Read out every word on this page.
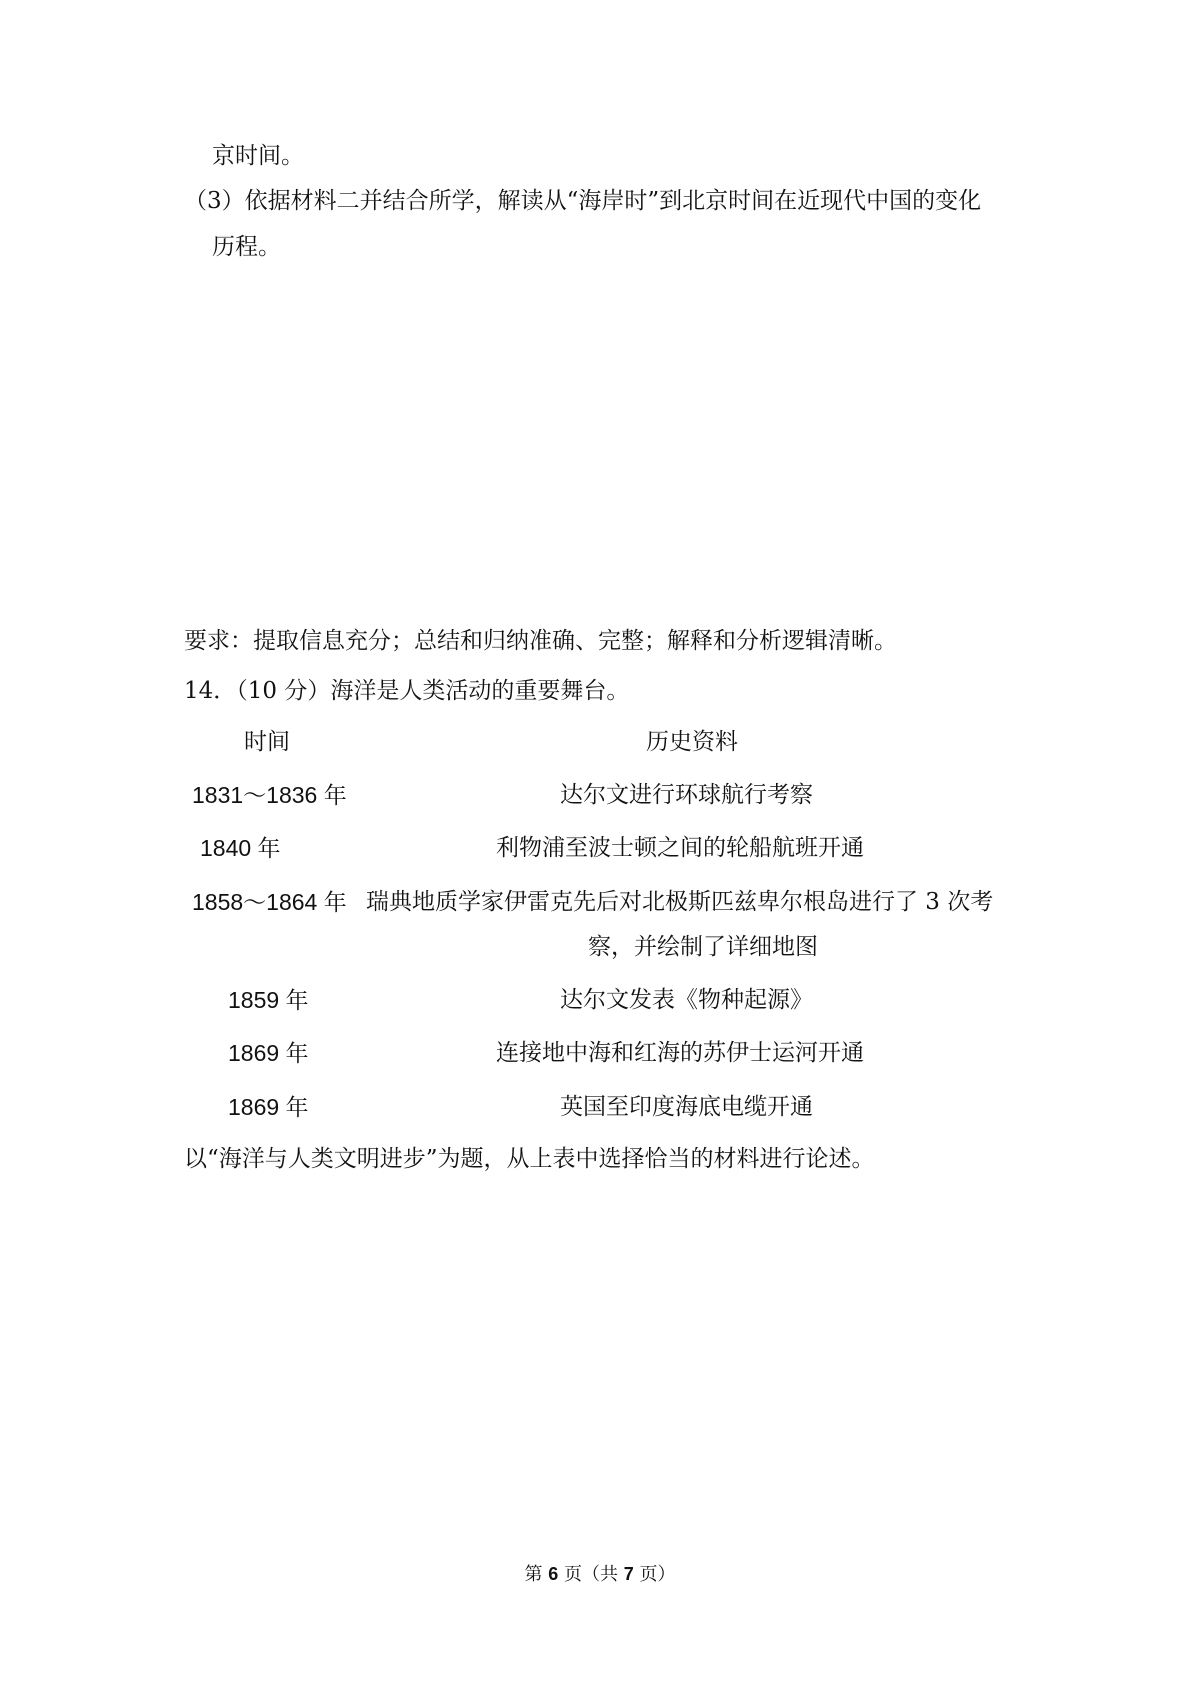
京时间。
（3）依据材料二并结合所学，解读从“海岸时”到北京时间在近现代中国的变化
历程。
要求：提取信息充分；总结和归纳准确、完整；解释和分析逻辑清晰。
14．（10 分）海洋是人类活动的重要舞台。
时间	历史资料
1831～1836 年	达尔文进行环球航行考察
1840 年	利物浦至波士顿之间的轮船航班开通
1858～1864 年 瑞典地质学家伊雷克先后对北极斯匹兹卑尔根岛进行了 3 次考
察，并绘制了详细地图
1859 年	达尔文发表《物种起源》
1869 年	连接地中海和红海的苏伊士运河开通
1869 年	英国至印度海底电缆开通
以“海洋与人类文明进步”为题，从上表中选择恰当的材料进行论述。
第 6 页（共 7 页）
